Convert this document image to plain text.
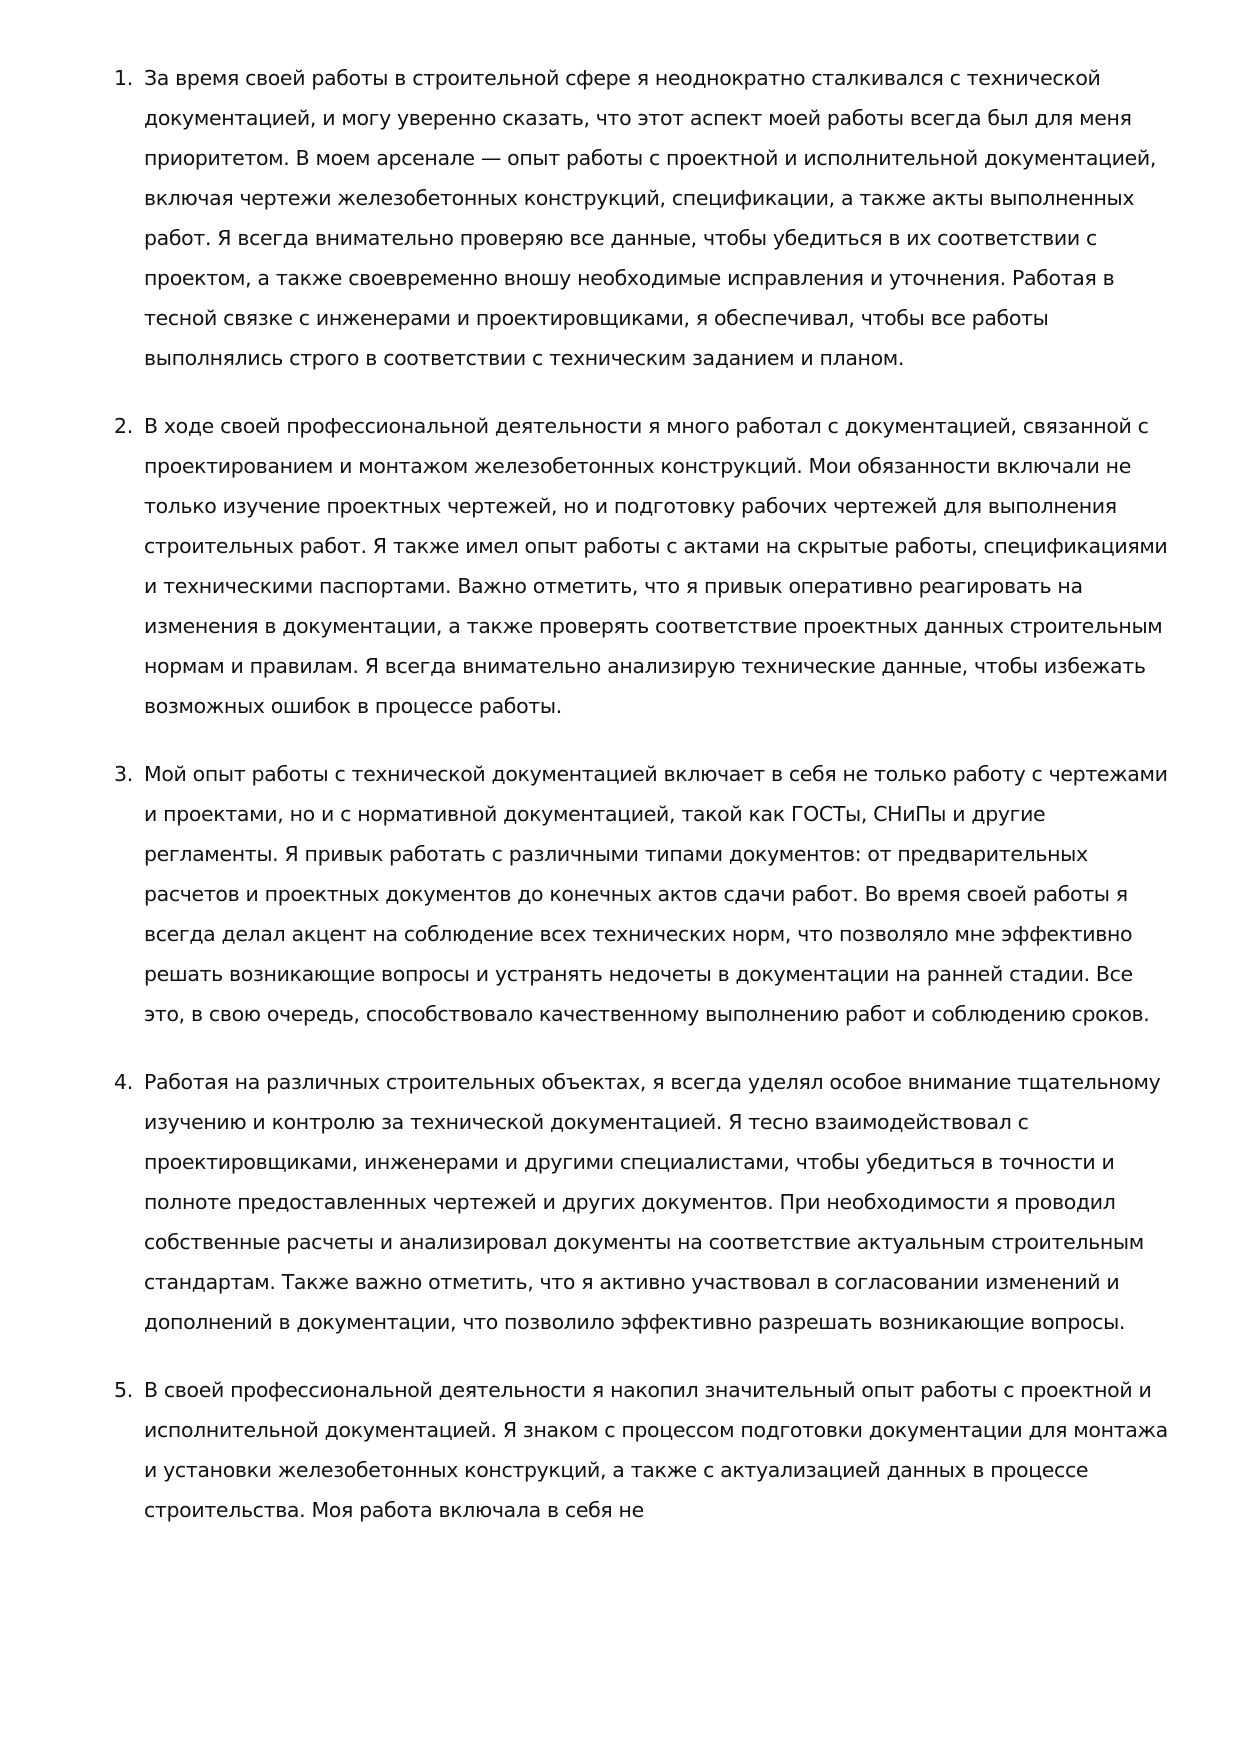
1. За время своей работы в строительной сфере я неоднократно сталкивался с технической документацией, и могу уверенно сказать, что этот аспект моей работы всегда был для меня приоритетом. В моем арсенале — опыт работы с проектной и исполнительной документацией, включая чертежи железобетонных конструкций, спецификации, а также акты выполненных работ. Я всегда внимательно проверяю все данные, чтобы убедиться в их соответствии с проектом, а также своевременно вношу необходимые исправления и уточнения. Работая в тесной связке с инженерами и проектировщиками, я обеспечивал, чтобы все работы выполнялись строго в соответствии с техническим заданием и планом.
2. В ходе своей профессиональной деятельности я много работал с документацией, связанной с проектированием и монтажом железобетонных конструкций. Мои обязанности включали не только изучение проектных чертежей, но и подготовку рабочих чертежей для выполнения строительных работ. Я также имел опыт работы с актами на скрытые работы, спецификациями и техническими паспортами. Важно отметить, что я привык оперативно реагировать на изменения в документации, а также проверять соответствие проектных данных строительным нормам и правилам. Я всегда внимательно анализирую технические данные, чтобы избежать возможных ошибок в процессе работы.
3. Мой опыт работы с технической документацией включает в себя не только работу с чертежами и проектами, но и с нормативной документацией, такой как ГОСТы, СНиПы и другие регламенты. Я привык работать с различными типами документов: от предварительных расчетов и проектных документов до конечных актов сдачи работ. Во время своей работы я всегда делал акцент на соблюдение всех технических норм, что позволяло мне эффективно решать возникающие вопросы и устранять недочеты в документации на ранней стадии. Все это, в свою очередь, способствовало качественному выполнению работ и соблюдению сроков.
4. Работая на различных строительных объектах, я всегда уделял особое внимание тщательному изучению и контролю за технической документацией. Я тесно взаимодействовал с проектировщиками, инженерами и другими специалистами, чтобы убедиться в точности и полноте предоставленных чертежей и других документов. При необходимости я проводил собственные расчеты и анализировал документы на соответствие актуальным строительным стандартам. Также важно отметить, что я активно участвовал в согласовании изменений и дополнений в документации, что позволило эффективно разрешать возникающие вопросы.
5. В своей профессиональной деятельности я накопил значительный опыт работы с проектной и исполнительной документацией. Я знаком с процессом подготовки документации для монтажа и установки железобетонных конструкций, а также с актуализацией данных в процессе строительства. Моя работа включала в себя не
